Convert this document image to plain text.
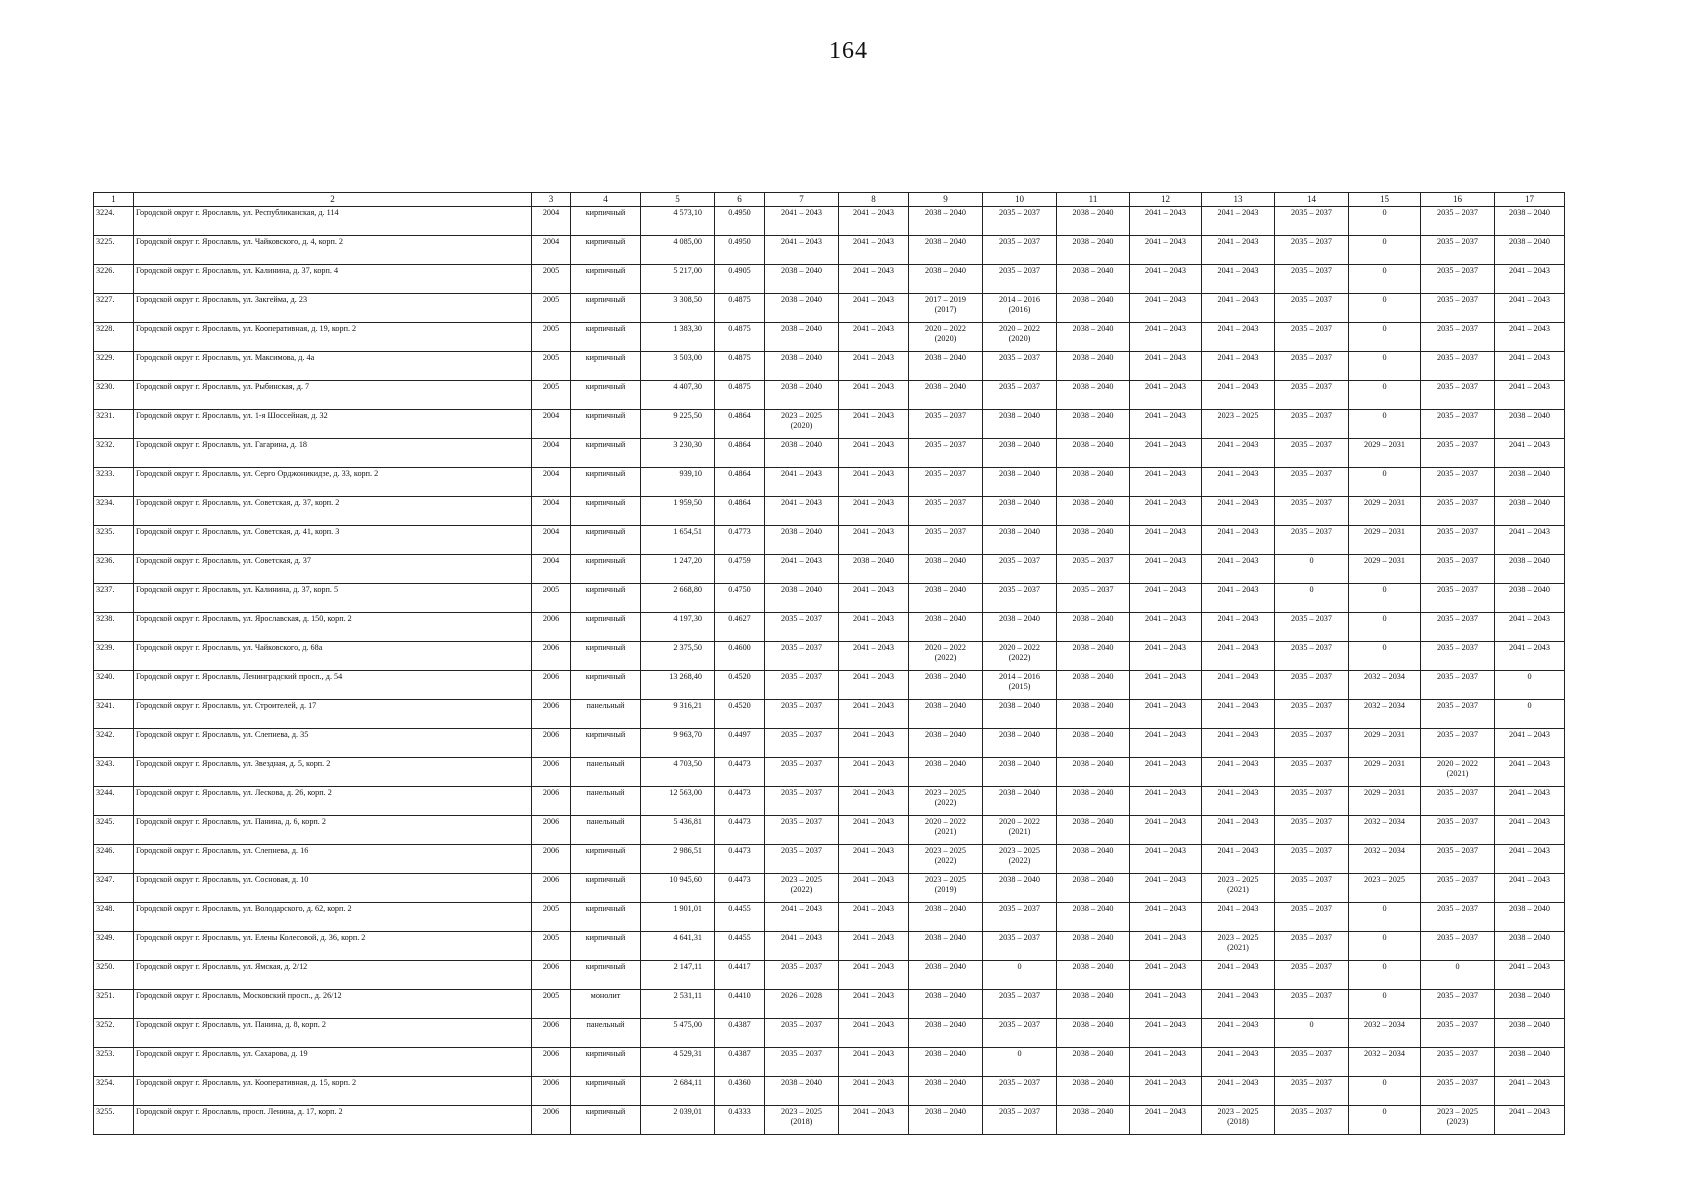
164
1	2	3	4	5	6	7	8	9	10	11	12	13	14	15	16	17
3224.	Городской округ г. Ярославль, ул. Республиканская, д. 114	2004	кирпичный	4 573,10	0.4950	2041 – 2043	2041 – 2043	2038 – 2040	2035 – 2037	2038 – 2040	2041 – 2043	2041 – 2043	2035 – 2037	0	2035 – 2037	2038 – 2040
3225.	Городской округ г. Ярославль, ул. Чайковского, д. 4, корп. 2	2004	кирпичный	4 085,00	0.4950	2041 – 2043	2041 – 2043	2038 – 2040	2035 – 2037	2038 – 2040	2041 – 2043	2041 – 2043	2035 – 2037	0	2035 – 2037	2038 – 2040
3226.	Городской округ г. Ярославль, ул. Калинина, д. 37, корп. 4	2005	кирпичный	5 217,00	0.4905	2038 – 2040	2041 – 2043	2038 – 2040	2035 – 2037	2038 – 2040	2041 – 2043	2041 – 2043	2035 – 2037	0	2035 – 2037	2041 – 2043
3227.	Городской округ г. Ярославль, ул. Закгейма, д. 23	2005	кирпичный	3 308,50	0.4875	2038 – 2040	2041 – 2043	2017 – 2019
(2017)	2014 – 2016
(2016)	2038 – 2040	2041 – 2043	2041 – 2043	2035 – 2037	0	2035 – 2037	2041 – 2043
3228.	Городской округ г. Ярославль, ул. Кооперативная, д. 19, корп. 2	2005	кирпичный	1 383,30	0.4875	2038 – 2040	2041 – 2043	2020 – 2022
(2020)	2020 – 2022
(2020)	2038 – 2040	2041 – 2043	2041 – 2043	2035 – 2037	0	2035 – 2037	2041 – 2043
3229.	Городской округ г. Ярославль, ул. Максимова, д. 4а	2005	кирпичный	3 503,00	0.4875	2038 – 2040	2041 – 2043	2038 – 2040	2035 – 2037	2038 – 2040	2041 – 2043	2041 – 2043	2035 – 2037	0	2035 – 2037	2041 – 2043
3230.	Городской округ г. Ярославль, ул. Рыбинская, д. 7	2005	кирпичный	4 407,30	0.4875	2038 – 2040	2041 – 2043	2038 – 2040	2035 – 2037	2038 – 2040	2041 – 2043	2041 – 2043	2035 – 2037	0	2035 – 2037	2041 – 2043
3231.	Городской округ г. Ярославль, ул. 1-я Шоссейная, д. 32	2004	кирпичный	9 225,50	0.4864	2023 – 2025
(2020)	2041 – 2043	2035 – 2037	2038 – 2040	2038 – 2040	2041 – 2043	2023 – 2025	2035 – 2037	0	2035 – 2037	2038 – 2040
3232.	Городской округ г. Ярославль, ул. Гагарина, д. 18	2004	кирпичный	3 230,30	0.4864	2038 – 2040	2041 – 2043	2035 – 2037	2038 – 2040	2038 – 2040	2041 – 2043	2041 – 2043	2035 – 2037	2029 – 2031	2035 – 2037	2041 – 2043
3233.	Городской округ г. Ярославль, ул. Серго Орджоникидзе, д. 33, корп. 2	2004	кирпичный	939,10	0.4864	2041 – 2043	2041 – 2043	2035 – 2037	2038 – 2040	2038 – 2040	2041 – 2043	2041 – 2043	2035 – 2037	0	2035 – 2037	2038 – 2040
3234.	Городской округ г. Ярославль, ул. Советская, д. 37, корп. 2	2004	кирпичный	1 959,50	0.4864	2041 – 2043	2041 – 2043	2035 – 2037	2038 – 2040	2038 – 2040	2041 – 2043	2041 – 2043	2035 – 2037	2029 – 2031	2035 – 2037	2038 – 2040
3235.	Городской округ г. Ярославль, ул. Советская, д. 41, корп. 3	2004	кирпичный	1 654,51	0.4773	2038 – 2040	2041 – 2043	2035 – 2037	2038 – 2040	2038 – 2040	2041 – 2043	2041 – 2043	2035 – 2037	2029 – 2031	2035 – 2037	2041 – 2043
3236.	Городской округ г. Ярославль, ул. Советская, д. 37	2004	кирпичный	1 247,20	0.4759	2041 – 2043	2038 – 2040	2038 – 2040	2035 – 2037	2035 – 2037	2041 – 2043	2041 – 2043	0	2029 – 2031	2035 – 2037	2038 – 2040
3237.	Городской округ г. Ярославль, ул. Калинина, д. 37, корп. 5	2005	кирпичный	2 668,80	0.4750	2038 – 2040	2041 – 2043	2038 – 2040	2035 – 2037	2035 – 2037	2041 – 2043	2041 – 2043	0	0	2035 – 2037	2038 – 2040
3238.	Городской округ г. Ярославль, ул. Ярославская, д. 150, корп. 2	2006	кирпичный	4 197,30	0.4627	2035 – 2037	2041 – 2043	2038 – 2040	2038 – 2040	2038 – 2040	2041 – 2043	2041 – 2043	2035 – 2037	0	2035 – 2037	2041 – 2043
3239.	Городской округ г. Ярославль, ул. Чайковского, д. 68а	2006	кирпичный	2 375,50	0.4600	2035 – 2037	2041 – 2043	2020 – 2022
(2022)	2020 – 2022
(2022)	2038 – 2040	2041 – 2043	2041 – 2043	2035 – 2037	0	2035 – 2037	2041 – 2043
3240.	Городской округ г. Ярославль, Ленинградский просп., д. 54	2006	кирпичный	13 268,40	0.4520	2035 – 2037	2041 – 2043	2038 – 2040	2014 – 2016
(2015)	2038 – 2040	2041 – 2043	2041 – 2043	2035 – 2037	2032 – 2034	2035 – 2037	0
3241.	Городской округ г. Ярославль, ул. Строителей, д. 17	2006	панельный	9 316,21	0.4520	2035 – 2037	2041 – 2043	2038 – 2040	2038 – 2040	2038 – 2040	2041 – 2043	2041 – 2043	2035 – 2037	2032 – 2034	2035 – 2037	0
3242.	Городской округ г. Ярославль, ул. Слепнева, д. 35	2006	кирпичный	9 963,70	0.4497	2035 – 2037	2041 – 2043	2038 – 2040	2038 – 2040	2038 – 2040	2041 – 2043	2041 – 2043	2035 – 2037	2029 – 2031	2035 – 2037	2041 – 2043
3243.	Городской округ г. Ярославль, ул. Звездная, д. 5, корп. 2	2006	панельный	4 703,50	0.4473	2035 – 2037	2041 – 2043	2038 – 2040	2038 – 2040	2038 – 2040	2041 – 2043	2041 – 2043	2035 – 2037	2029 – 2031	2020 – 2022
(2021)	2041 – 2043
3244.	Городской округ г. Ярославль, ул. Лескова, д. 26, корп. 2	2006	панельный	12 563,00	0.4473	2035 – 2037	2041 – 2043	2023 – 2025
(2022)	2038 – 2040	2038 – 2040	2041 – 2043	2041 – 2043	2035 – 2037	2029 – 2031	2035 – 2037	2041 – 2043
3245.	Городской округ г. Ярославль, ул. Панина, д. 6, корп. 2	2006	панельный	5 436,81	0.4473	2035 – 2037	2041 – 2043	2020 – 2022
(2021)	2020 – 2022
(2021)	2038 – 2040	2041 – 2043	2041 – 2043	2035 – 2037	2032 – 2034	2035 – 2037	2041 – 2043
3246.	Городской округ г. Ярославль, ул. Слепнева, д. 16	2006	кирпичный	2 986,51	0.4473	2035 – 2037	2041 – 2043	2023 – 2025
(2022)	2023 – 2025
(2022)	2038 – 2040	2041 – 2043	2041 – 2043	2035 – 2037	2032 – 2034	2035 – 2037	2041 – 2043
3247.	Городской округ г. Ярославль, ул. Сосновая, д. 10	2006	кирпичный	10 945,60	0.4473	2023 – 2025
(2022)	2041 – 2043	2023 – 2025
(2019)	2038 – 2040	2038 – 2040	2041 – 2043	2023 – 2025
(2021)	2035 – 2037	2023 – 2025	2035 – 2037	2041 – 2043
3248.	Городской округ г. Ярославль, ул. Володарского, д. 62, корп. 2	2005	кирпичный	1 901,01	0.4455	2041 – 2043	2041 – 2043	2038 – 2040	2035 – 2037	2038 – 2040	2041 – 2043	2041 – 2043	2035 – 2037	0	2035 – 2037	2038 – 2040
3249.	Городской округ г. Ярославль, ул. Елены Колесовой, д. 36, корп. 2	2005	кирпичный	4 641,31	0.4455	2041 – 2043	2041 – 2043	2038 – 2040	2035 – 2037	2038 – 2040	2041 – 2043	2023 – 2025
(2021)	2035 – 2037	0	2035 – 2037	2038 – 2040
3250.	Городской округ г. Ярославль, ул. Ямская, д. 2/12	2006	кирпичный	2 147,11	0.4417	2035 – 2037	2041 – 2043	2038 – 2040	0	2038 – 2040	2041 – 2043	2041 – 2043	2035 – 2037	0	0	2041 – 2043
3251.	Городской округ г. Ярославль, Московский просп., д. 26/12	2005	монолит	2 531,11	0.4410	2026 – 2028	2041 – 2043	2038 – 2040	2035 – 2037	2038 – 2040	2041 – 2043	2041 – 2043	2035 – 2037	0	2035 – 2037	2038 – 2040
3252.	Городской округ г. Ярославль, ул. Панина, д. 8, корп. 2	2006	панельный	5 475,00	0.4387	2035 – 2037	2041 – 2043	2038 – 2040	2035 – 2037	2038 – 2040	2041 – 2043	2041 – 2043	0	2032 – 2034	2035 – 2037	2038 – 2040
3253.	Городской округ г. Ярославль, ул. Сахарова, д. 19	2006	кирпичный	4 529,31	0.4387	2035 – 2037	2041 – 2043	2038 – 2040	0	2038 – 2040	2041 – 2043	2041 – 2043	2035 – 2037	2032 – 2034	2035 – 2037	2038 – 2040
3254.	Городской округ г. Ярославль, ул. Кооперативная, д. 15, корп. 2	2006	кирпичный	2 684,11	0.4360	2038 – 2040	2041 – 2043	2038 – 2040	2035 – 2037	2038 – 2040	2041 – 2043	2041 – 2043	2035 – 2037	0	2035 – 2037	2041 – 2043
3255.	Городской округ г. Ярославль, просп. Ленина, д. 17, корп. 2	2006	кирпичный	2 039,01	0.4333	2023 – 2025
(2018)	2041 – 2043	2038 – 2040	2035 – 2037	2038 – 2040	2041 – 2043	2023 – 2025
(2018)	2035 – 2037	0	2023 – 2025
(2023)	2041 – 2043
